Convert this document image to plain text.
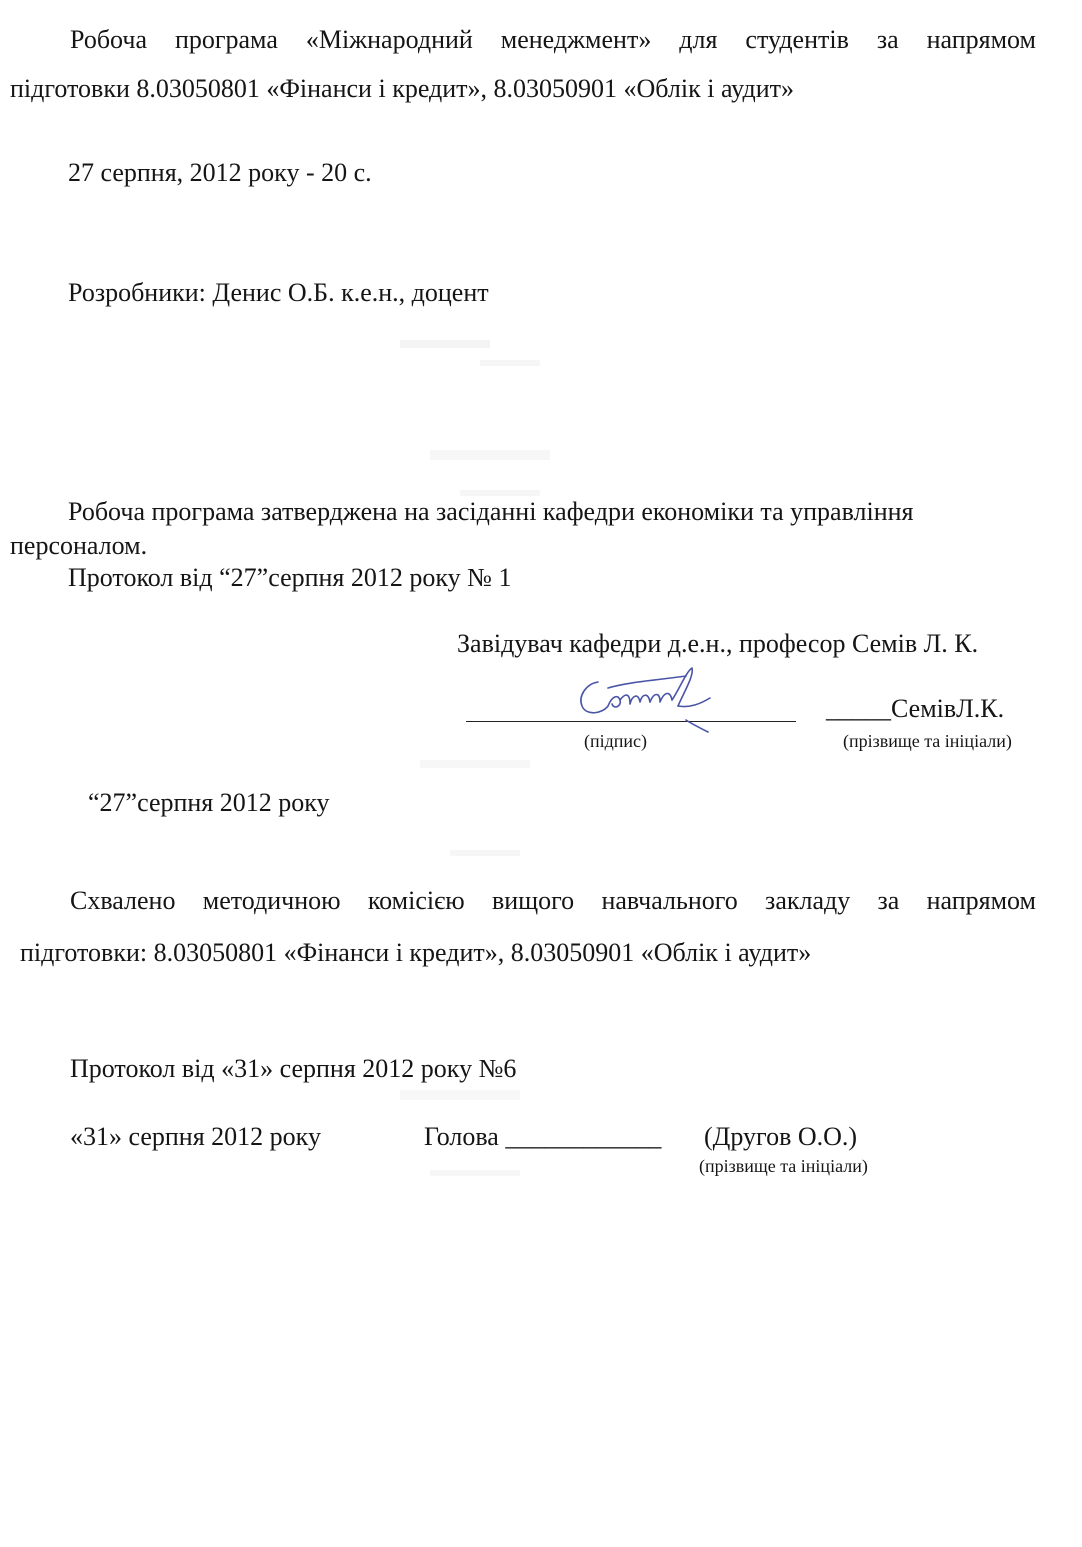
Робоча програма «Міжнародний менеджмент» для студентів за напрямом
підготовки 8.03050801 «Фінанси і кредит», 8.03050901 «Облік і аудит»
27 серпня, 2012 року - 20 с.
Розробники: Денис О.Б. к.е.н., доцент
Робоча програма затверджена на засіданні кафедри економіки та управління
персоналом.
Протокол від “27”серпня 2012 року № 1
Завідувач кафедри д.е.н., професор Семів Л. К.
_____СемівЛ.К.
(підпис)	(прізвище та ініціали)
“27”серпня 2012 року
Схвалено методичною комісією вищого навчального закладу за напрямом
підготовки: 8.03050801 «Фінанси і кредит», 8.03050901 «Облік і аудит»
Протокол від «31» серпня 2012 року №6
«31» серпня 2012 року	Голова ____________ (Другов О.О.)
(прізвище та ініціали)
